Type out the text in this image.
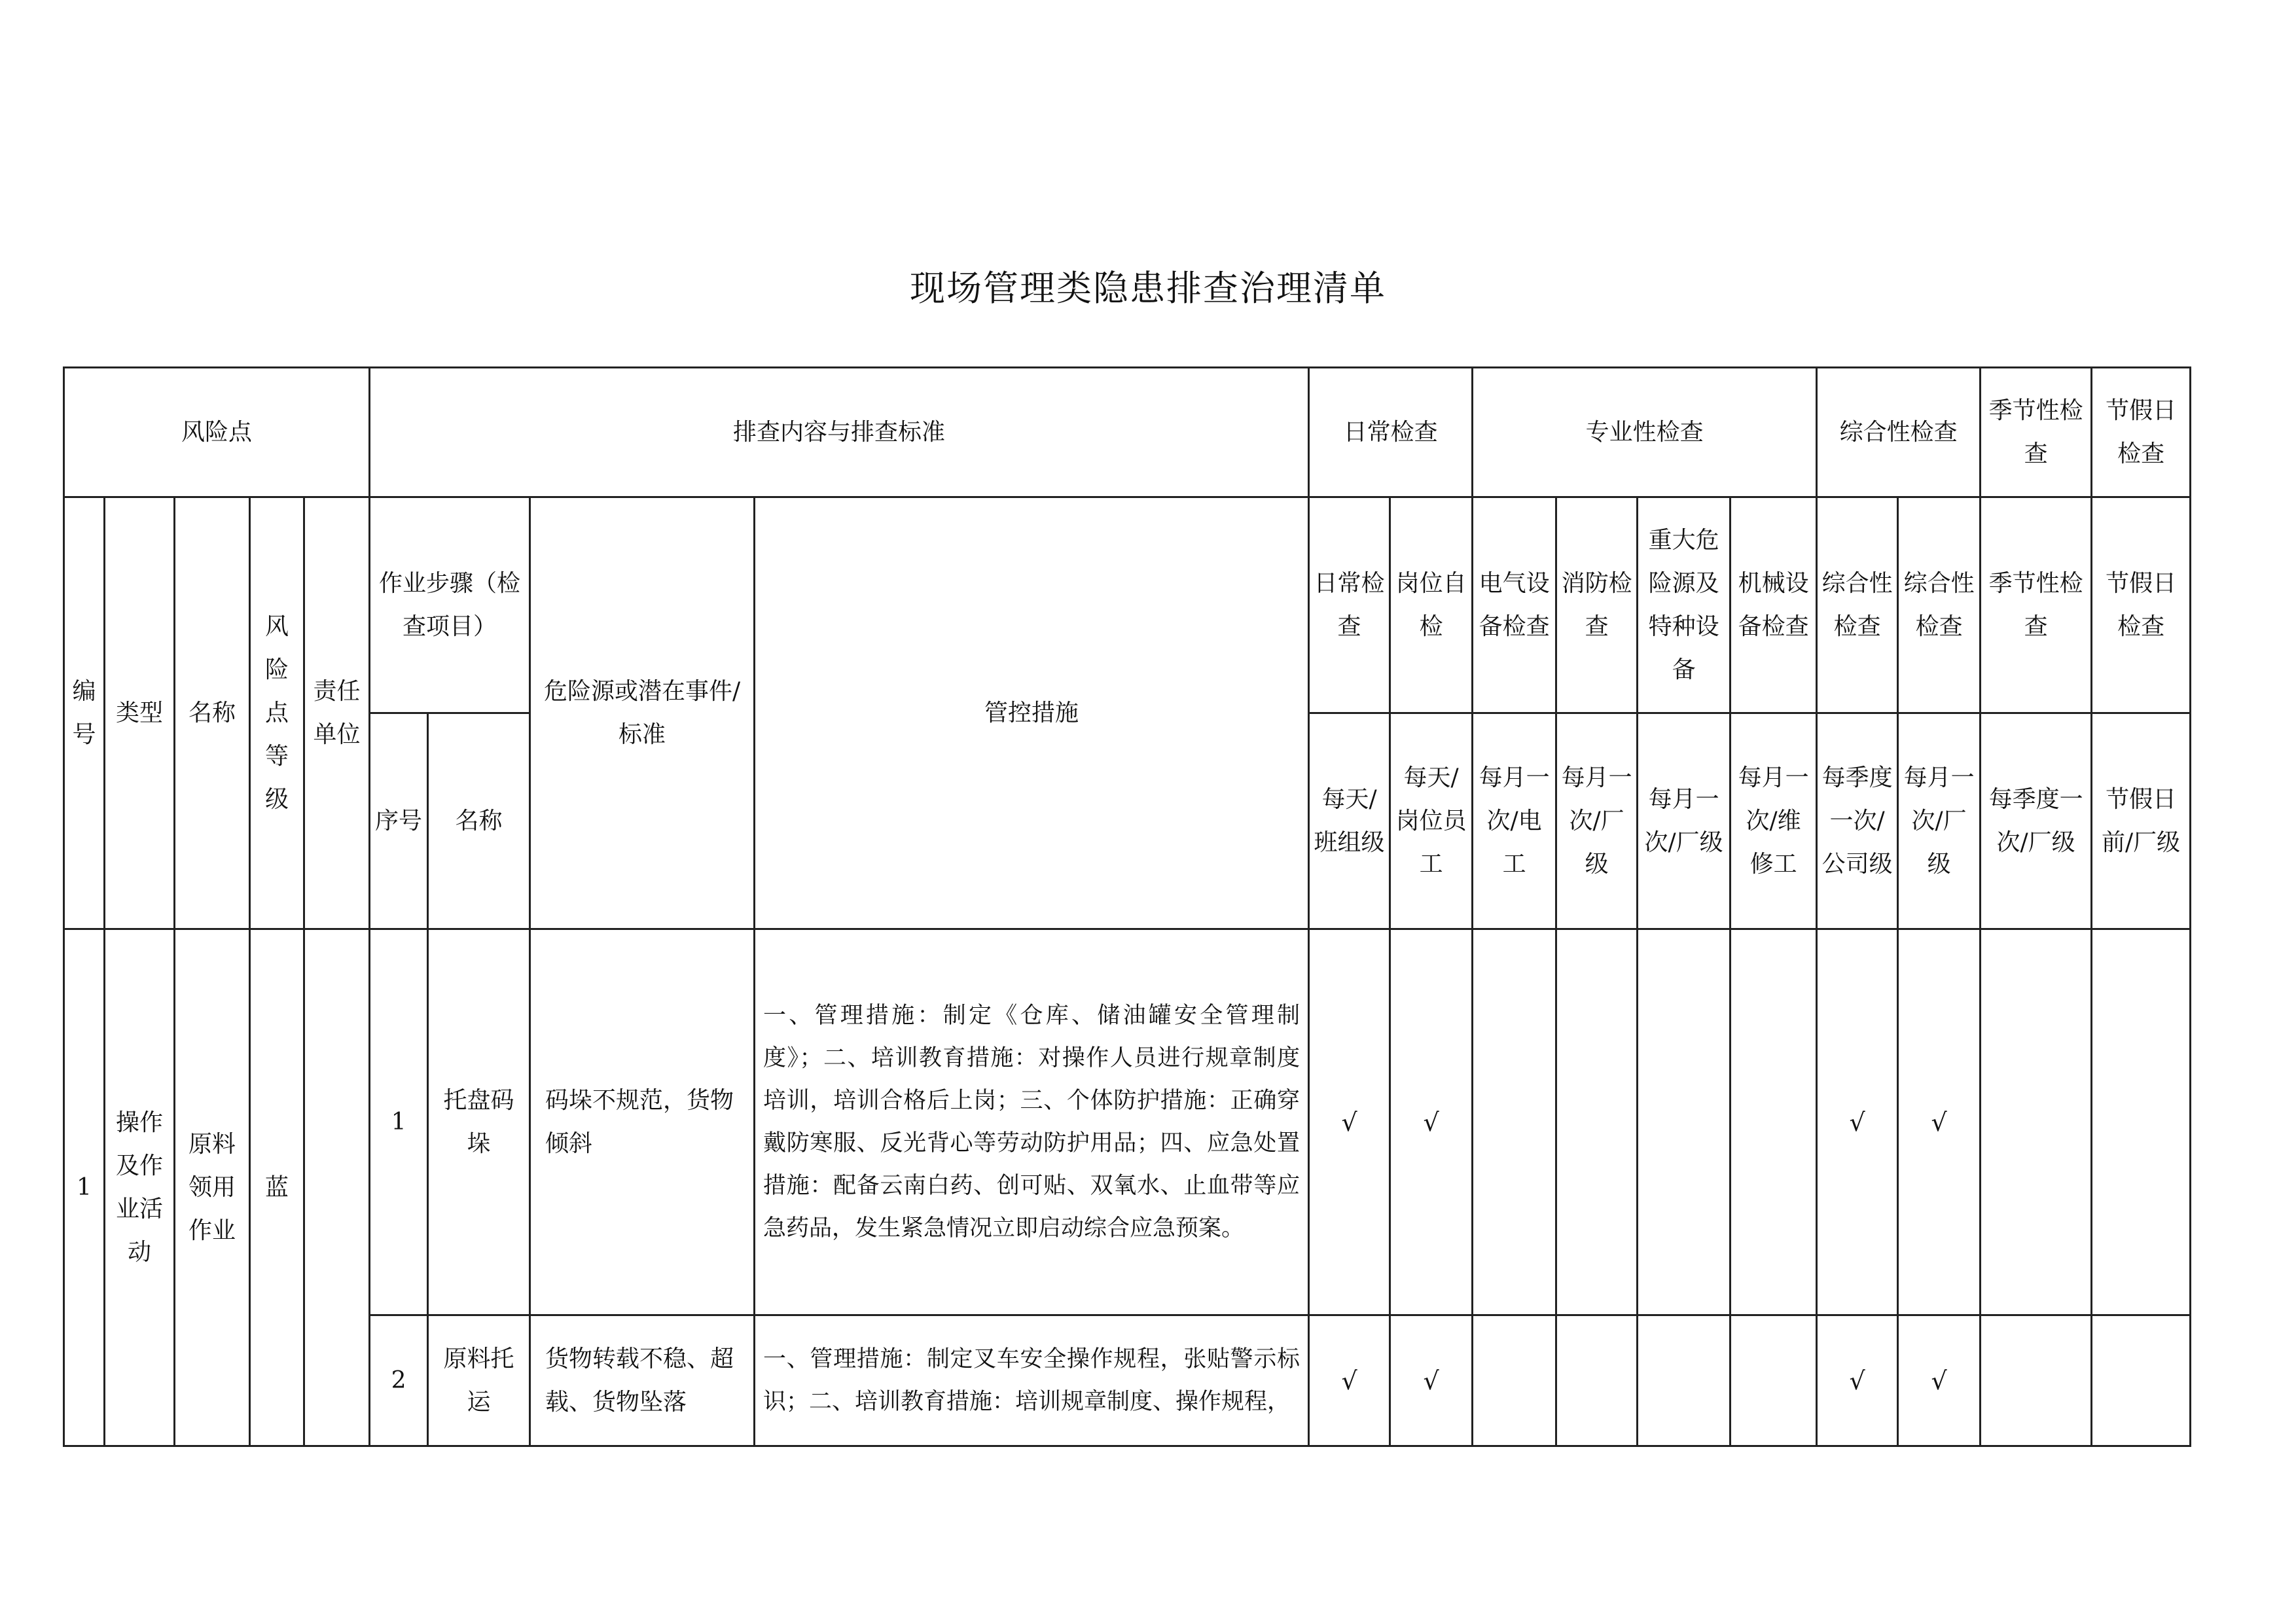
现场管理类隐患排查治理清单
风险点					排查内容与排查标准				日常检查		专业性检查				综合性检查		季节性检查	节假日检查
编号	类型	名称	风险点等级	责任单位	作业步骤（检查项目）		危险源或潜在事件/标准	管控措施	日常检查	岗位自检	电气设备检查	消防检查	重大危险源及特种设备	机械设备检查	综合性检查	综合性检查	季节性检查	节假日检查
					序号	名称			每天/班组级	每天/岗位员工	每月一次/电工	每月一次/厂级	每月一次/厂级	每月一次/维修工	每季度一次/公司级	每月一次/厂级	每季度一次/厂级	节假日前/厂级
1	操作及作业活动	原料领用作业	蓝		1	托盘码垛	码垛不规范，货物倾斜	一、管理措施：制定《仓库、储油罐安全管理制度》；二、培训教育措施：对操作人员进行规章制度培训，培训合格后上岗；三、个体防护措施：正确穿戴防寒服、反光背心等劳动防护用品；四、应急处置措施：配备云南白药、创可贴、双氧水、止血带等应急药品，发生紧急情况立即启动综合应急预案。	√	√					√	√		
					2	原料托运	货物转载不稳、超载、货物坠落	一、管理措施：制定叉车安全操作规程，张贴警示标识；二、培训教育措施：培训规章制度、操作规程，	√	√					√	√		
